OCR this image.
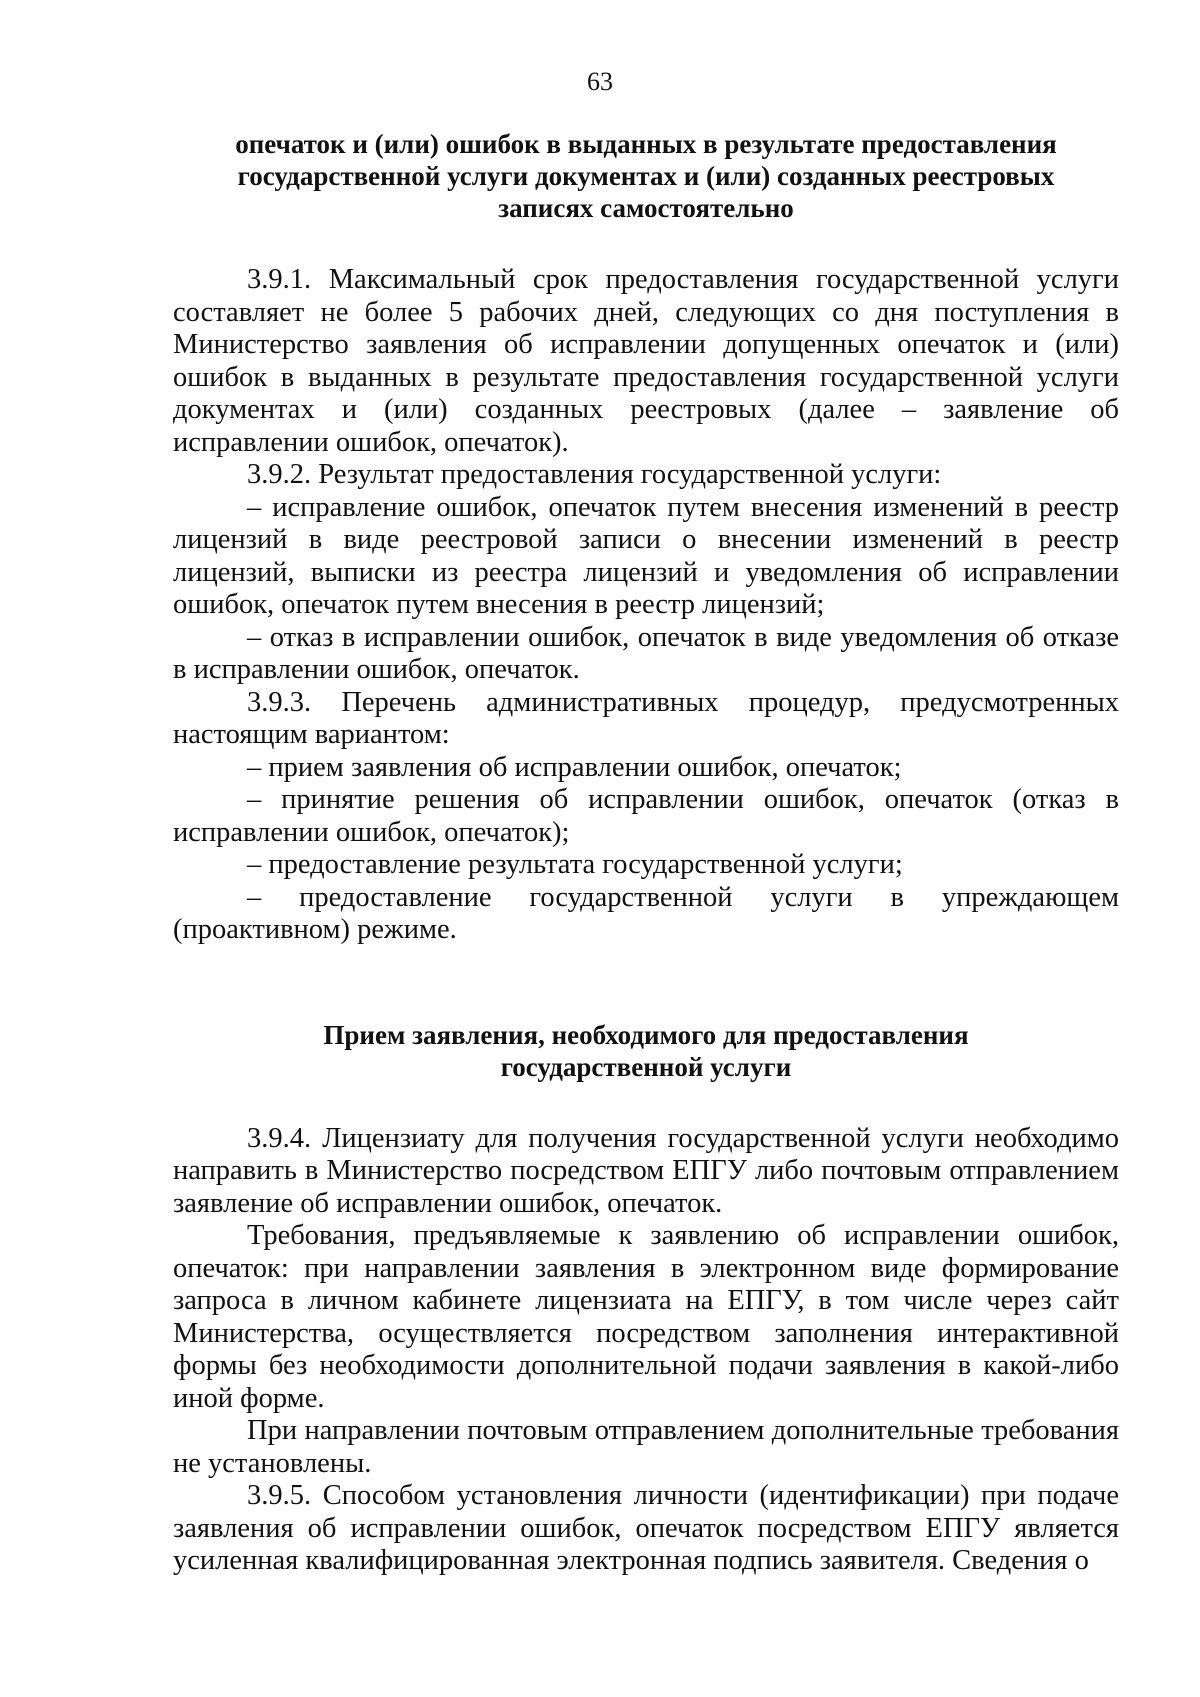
63
опечаток и (или) ошибок в выданных в результате предоставления
государственной услуги документах и (или) созданных реестровых
записях самостоятельно

3.9.1. Максимальный срок предоставления государственной услуги составляет не более 5 рабочих дней, следующих со дня поступления в Министерство заявления об исправлении допущенных опечаток и (или) ошибок в выданных в результате предоставления государственной услуги документах и (или) созданных реестровых (далее – заявление об исправлении ошибок, опечаток).

3.9.2. Результат предоставления государственной услуги:

– исправление ошибок, опечаток путем внесения изменений в реестр лицензий в виде реестровой записи о внесении изменений в реестр лицензий, выписки из реестра лицензий и уведомления об исправлении ошибок, опечаток путем внесения в реестр лицензий;

– отказ в исправлении ошибок, опечаток в виде уведомления об отказе в исправлении ошибок, опечаток.

3.9.3. Перечень административных процедур, предусмотренных настоящим вариантом:

– прием заявления об исправлении ошибок, опечаток;

– принятие решения об исправлении ошибок, опечаток (отказ в исправлении ошибок, опечаток);

– предоставление результата государственной услуги;

– предоставление государственной услуги в упреждающем (проактивном) режиме.

Прием заявления, необходимого для предоставления
государственной услуги

3.9.4. Лицензиату для получения государственной услуги необходимо направить в Министерство посредством ЕПГУ либо почтовым отправлением заявление об исправлении ошибок, опечаток.

Требования, предъявляемые к заявлению об исправлении ошибок, опечаток: при направлении заявления в электронном виде формирование запроса в личном кабинете лицензиата на ЕПГУ, в том числе через сайт Министерства, осуществляется посредством заполнения интерактивной формы без необходимости дополнительной подачи заявления в какой-либо иной форме.

При направлении почтовым отправлением дополнительные требования не установлены.

3.9.5. Способом установления личности (идентификации) при подаче заявления об исправлении ошибок, опечаток посредством ЕПГУ является усиленная квалифицированная электронная подпись заявителя. Сведения о
